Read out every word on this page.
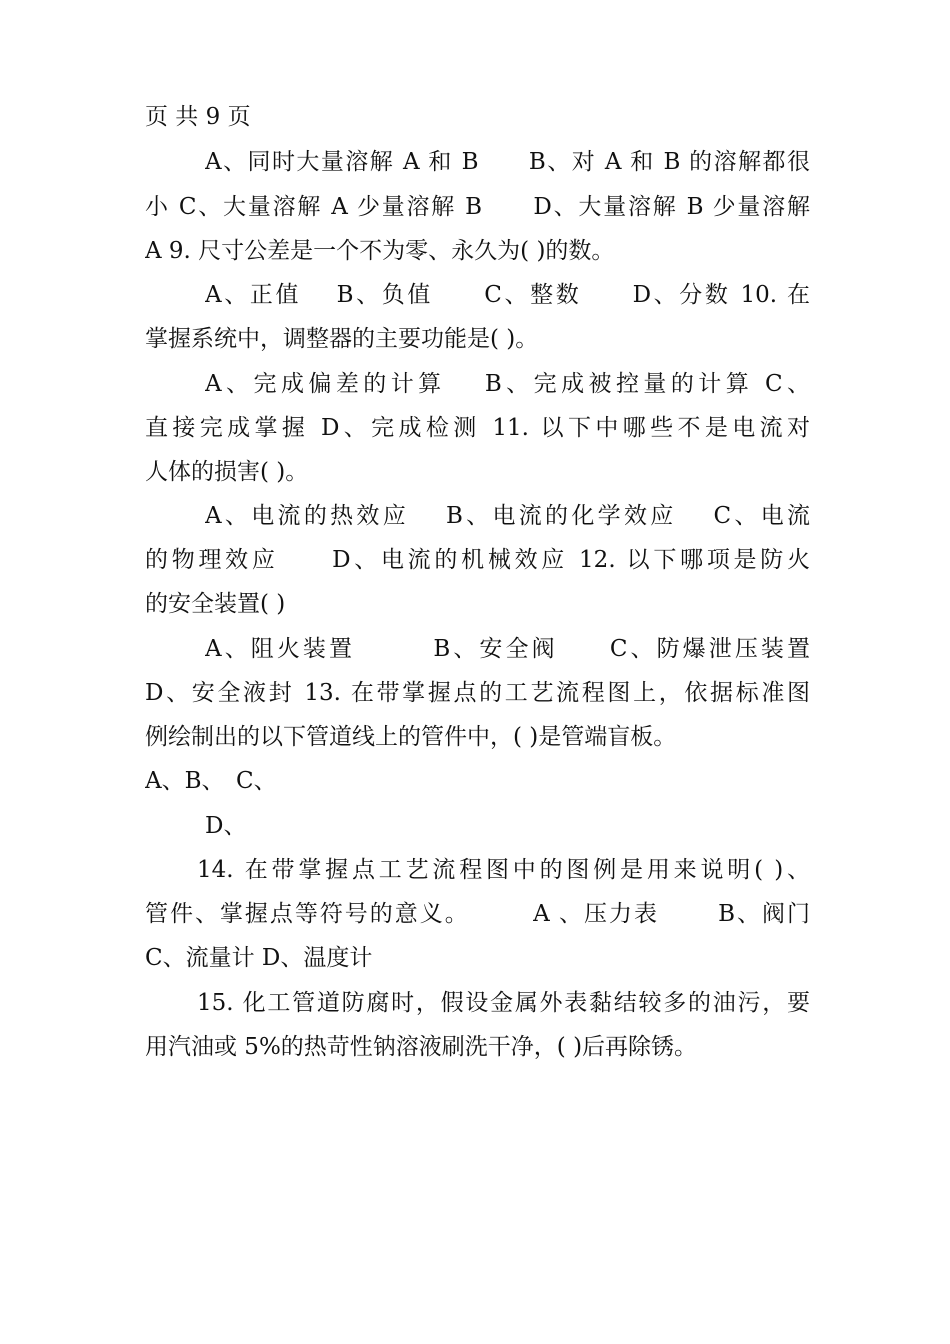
页 共 9 页
A、同时大量溶解 A 和 B　　B、对 A 和 B 的溶解都很
小 C、大量溶解 A 少量溶解 B　　D、大量溶解 B 少量溶解
A 9. 尺寸公差是一个不为零、永久为( )的数。
A、正值　 B、负值　　C、整数　　D、分数 10. 在
掌握系统中，调整器的主要功能是( )。
A、完成偏差的计算　 B、完成被控量的计算 C、
直接完成掌握 D、完成检测 11. 以下中哪些不是电流对
人体的损害( )。
A、电流的热效应　 B、电流的化学效应　 C、电流
的物理效应　　D、电流的机械效应 12. 以下哪项是防火
的安全装置( )
A、阻火装置　　　B、安全阀　　C、防爆泄压装置
D、安全液封 13. 在带掌握点的工艺流程图上，依据标准图
例绘制出的以下管道线上的管件中，( )是管端盲板。
A、B、　C、
D、
14. 在带掌握点工艺流程图中的图例是用来说明( )、
管件、掌握点等符号的意义。　　　A 、压力表　　 B、阀门
C、流量计 D、温度计
15. 化工管道防腐时，假设金属外表黏结较多的油污，要
用汽油或 5%的热苛性钠溶液刷洗干净，( )后再除锈。
